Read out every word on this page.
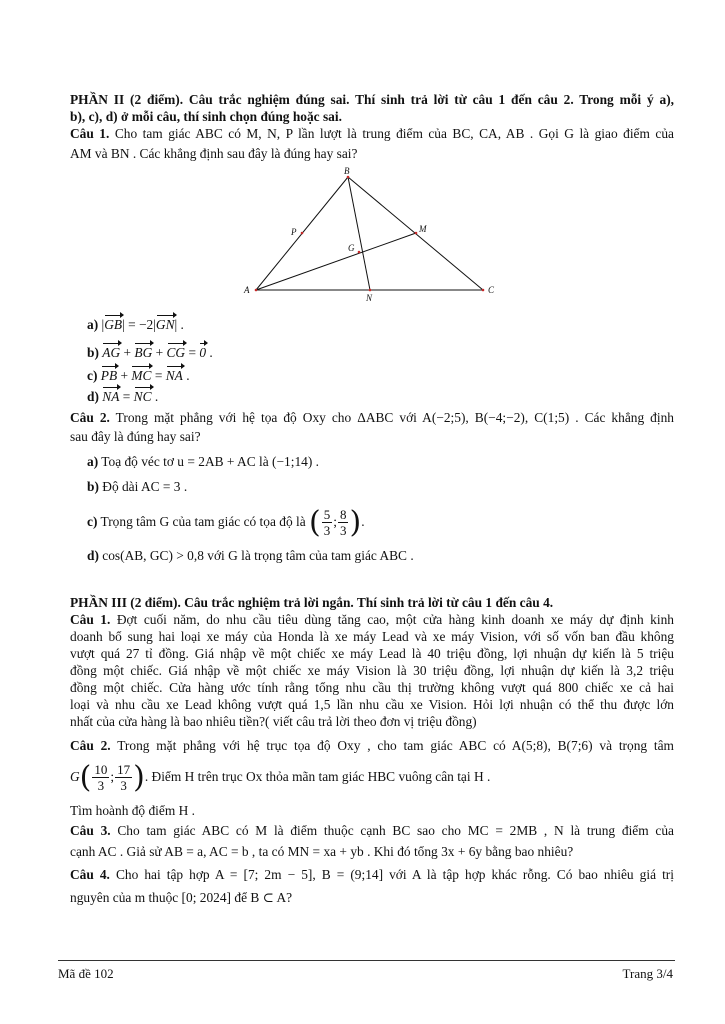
PHẦN II (2 điểm). Câu trắc nghiệm đúng sai. Thí sinh trả lời từ câu 1 đến câu 2. Trong mỗi ý a),
b), c), d) ở mỗi câu, thí sinh chọn đúng hoặc sai.
Câu 1. Cho tam giác ABC có M, N, P lần lượt là trung điểm của BC, CA, AB . Gọi G là giao điểm của
AM và BN . Các khẳng định sau đây là đúng hay sai?
B
A	C
M
N
P
G
a) |GB| = −2|GN| .
b) AG + BG + CG = 0 .
c) PB + MC = NA .
d) NA = NC .
Câu 2. Trong mặt phẳng với hệ tọa độ Oxy cho ΔABC với A(−2;5), B(−4;−2), C(1;5) . Các khẳng định
sau đây là đúng hay sai?
a) Toạ độ véc tơ u = 2AB + AC là (−1;14) .
b) Độ dài AC = 3 .
c) Trọng tâm G của tam giác có tọa độ là ( $\frac{5}{3}$ ; $\frac{8}{3}$ ).
d) cos(AB, GC) > 0,8 với G là trọng tâm của tam giác ABC .
PHẦN III (2 điểm). Câu trắc nghiệm trả lời ngắn. Thí sinh trả lời từ câu 1 đến câu 4.
Câu 1. Đợt cuối năm, do nhu cầu tiêu dùng tăng cao, một cửa hàng kinh doanh xe máy dự định kinh
doanh bổ sung hai loại xe máy của Honda là xe máy Lead và xe máy Vision, với số vốn ban đầu không
vượt quá 27 tỉ đồng. Giá nhập về một chiếc xe máy Lead là 40 triệu đồng, lợi nhuận dự kiến là 5 triệu
đồng một chiếc. Giá nhập về một chiếc xe máy Vision là 30 triệu đồng, lợi nhuận dự kiến là 3,2 triệu
đồng một chiếc. Cửa hàng ước tính rằng tổng nhu cầu thị trường không vượt quá 800 chiếc xe cả hai
loại và nhu cầu xe Lead không vượt quá 1,5 lần nhu cầu xe Vision. Hỏi lợi nhuận có thể thu được lớn
nhất của cửa hàng là bao nhiêu tiền?( viết câu trả lời theo đơn vị triệu đồng)
Câu 2. Trong mặt phẳng với hệ trục tọa độ Oxy , cho tam giác ABC có A(5;8), B(7;6) và trọng tâm
$G( \frac{10}{3}$ ; $\frac{17}{3}$ ). Điểm H trên trục Ox thỏa mãn tam giác HBC vuông cân tại H .
Tìm hoành độ điểm H .
Câu 3. Cho tam giác ABC có M là điểm thuộc cạnh BC sao cho MC = 2MB , N là trung điểm của
cạnh AC . Giả sử AB = a, AC = b , ta có MN = xa + yb . Khi đó tổng 3x + 6y bằng bao nhiêu?
Câu 4. Cho hai tập hợp A = [7; 2m − 5], B = (9;14] với A là tập hợp khác rỗng. Có bao nhiêu giá trị
nguyên của m thuộc [0; 2024] để B ⊂ A?
Mã đề 102	Trang 3/4
